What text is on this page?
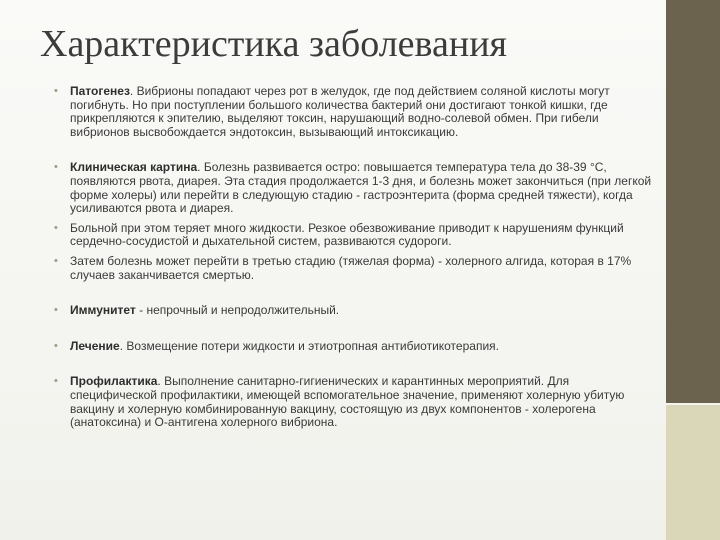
Характеристика заболевания
• Патогенез. Вибрионы попадают через рот в желудок, где под действием соляной кислоты могут погибнуть. Но при поступлении большого количества бактерий они достигают тонкой кишки, где прикрепляются к эпителию, выделяют токсин, нарушающий водно-солевой обмен. При гибели вибрионов высвобождается эндотоксин, вызывающий интоксикацию.
• Клиническая картина. Болезнь развивается остро: повышается температура тела до 38-39 °С, появляются рвота, диарея. Эта стадия продолжается 1-3 дня, и болезнь может закончиться (при легкой форме холеры) или перейти в следующую стадию - гастроэнтерита (форма средней тяжести), когда усиливаются рвота и диарея.
• Больной при этом теряет много жидкости. Резкое обезвоживание приводит к нарушениям функций сердечно-сосудистой и дыхательной систем, развиваются судороги.
• Затем болезнь может перейти в третью стадию (тяжелая форма) - холерного алгида, которая в 17% случаев заканчивается смертью.
• Иммунитет - непрочный и непродолжительный.
• Лечение. Возмещение потери жидкости и этиотропная антибиотикотерапия.
• Профилактика. Выполнение санитарно-гигиенических и карантинных мероприятий. Для специфической профилактики, имеющей вспомогательное значение, применяют холерную убитую вакцину и холерную комбинированную вакцину, состоящую из двух компонентов - холерогена (анатоксина) и О-антигена холерного вибриона.
